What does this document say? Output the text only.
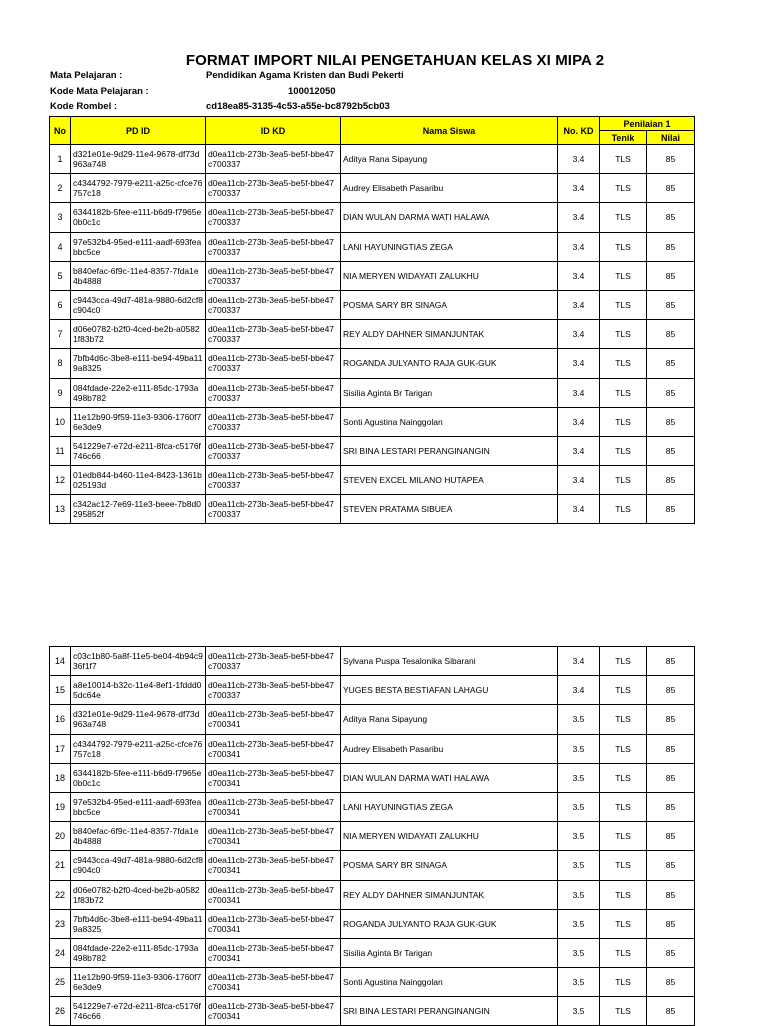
FORMAT IMPORT NILAI PENGETAHUAN KELAS XI MIPA 2
Mata Pelajaran :	Pendidikan Agama Kristen dan Budi Pekerti
Kode Mata Pelajaran :	100012050
Kode Rombel :	cd18ea85-3135-4c53-a55e-bc8792b5cb03
No	PD ID	ID KD	Nama Siswa	No. KD	Penilaian 1	
					Tenik	Nilai
1	d321e01e-9d29-11e4-9678-df73d963a748	d0ea11cb-273b-3ea5-be5f-bbe47c700337	Aditya Rana Sipayung	3.4	TLS	85
2	c4344792-7979-e211-a25c-cfce76757c18	d0ea11cb-273b-3ea5-be5f-bbe47c700337	Audrey Elisabeth Pasaribu	3.4	TLS	85
3	6344182b-5fee-e111-b6d9-f7965e0b0c1c	d0ea11cb-273b-3ea5-be5f-bbe47c700337	DIAN WULAN DARMA WATI HALAWA	3.4	TLS	85
4	97e532b4-95ed-e111-aadf-693feabbc5ce	d0ea11cb-273b-3ea5-be5f-bbe47c700337	LANI HAYUNINGTIAS ZEGA	3.4	TLS	85
5	b840efac-6f9c-11e4-8357-7fda1e4b4888	d0ea11cb-273b-3ea5-be5f-bbe47c700337	NIA MERYEN WIDAYATI ZALUKHU	3.4	TLS	85
6	c9443cca-49d7-481a-9880-6d2cf8c904c0	d0ea11cb-273b-3ea5-be5f-bbe47c700337	POSMA SARY BR SINAGA	3.4	TLS	85
7	d06e0782-b2f0-4ced-be2b-a05821f83b72	d0ea11cb-273b-3ea5-be5f-bbe47c700337	REY ALDY DAHNER SIMANJUNTAK	3.4	TLS	85
8	7bfb4d6c-3be8-e111-be94-49ba119a8325	d0ea11cb-273b-3ea5-be5f-bbe47c700337	ROGANDA JULYANTO RAJA GUK-GUK	3.4	TLS	85
9	084fdade-22e2-e111-85dc-1793a498b782	d0ea11cb-273b-3ea5-be5f-bbe47c700337	Sisilia Aginta Br Tarigan	3.4	TLS	85
10	11e12b90-9f59-11e3-9306-1760f76e3de9	d0ea11cb-273b-3ea5-be5f-bbe47c700337	Sonti Agustina Nainggolan	3.4	TLS	85
11	541229e7-e72d-e211-8fca-c5176f746c66	d0ea11cb-273b-3ea5-be5f-bbe47c700337	SRI BINA LESTARI PERANGINANGIN	3.4	TLS	85
12	01edb844-b460-11e4-8423-1361b025193d	d0ea11cb-273b-3ea5-be5f-bbe47c700337	STEVEN EXCEL MILANO HUTAPEA	3.4	TLS	85
13	c342ac12-7e69-11e3-beee-7b8d0295852f	d0ea11cb-273b-3ea5-be5f-bbe47c700337	STEVEN PRATAMA SIBUEA	3.4	TLS	85
14	c03c1b80-5a8f-11e5-be04-4b94c936f1f7	d0ea11cb-273b-3ea5-be5f-bbe47c700337	Sylvana Puspa Tesalonika Sibarani	3.4	TLS	85
15	a8e10014-b32c-11e4-8ef1-1fddd05dc64e	d0ea11cb-273b-3ea5-be5f-bbe47c700337	YUGES BESTA BESTIAFAN LAHAGU	3.4	TLS	85
16	d321e01e-9d29-11e4-9678-df73d963a748	d0ea11cb-273b-3ea5-be5f-bbe47c700341	Aditya Rana Sipayung	3.5	TLS	85
17	c4344792-7979-e211-a25c-cfce76757c18	d0ea11cb-273b-3ea5-be5f-bbe47c700341	Audrey Elisabeth Pasaribu	3.5	TLS	85
18	6344182b-5fee-e111-b6d9-f7965e0b0c1c	d0ea11cb-273b-3ea5-be5f-bbe47c700341	DIAN WULAN DARMA WATI HALAWA	3.5	TLS	85
19	97e532b4-95ed-e111-aadf-693feabbc5ce	d0ea11cb-273b-3ea5-be5f-bbe47c700341	LANI HAYUNINGTIAS ZEGA	3.5	TLS	85
20	b840efac-6f9c-11e4-8357-7fda1e4b4888	d0ea11cb-273b-3ea5-be5f-bbe47c700341	NIA MERYEN WIDAYATI ZALUKHU	3.5	TLS	85
21	c9443cca-49d7-481a-9880-6d2cf8c904c0	d0ea11cb-273b-3ea5-be5f-bbe47c700341	POSMA SARY BR SINAGA	3.5	TLS	85
22	d06e0782-b2f0-4ced-be2b-a05821f83b72	d0ea11cb-273b-3ea5-be5f-bbe47c700341	REY ALDY DAHNER SIMANJUNTAK	3.5	TLS	85
23	7bfb4d6c-3be8-e111-be94-49ba119a8325	d0ea11cb-273b-3ea5-be5f-bbe47c700341	ROGANDA JULYANTO RAJA GUK-GUK	3.5	TLS	85
24	084fdade-22e2-e111-85dc-1793a498b782	d0ea11cb-273b-3ea5-be5f-bbe47c700341	Sisilia Aginta Br Tarigan	3.5	TLS	85
25	11e12b90-9f59-11e3-9306-1760f76e3de9	d0ea11cb-273b-3ea5-be5f-bbe47c700341	Sonti Agustina Nainggolan	3.5	TLS	85
26	541229e7-e72d-e211-8fca-c5176f746c66	d0ea11cb-273b-3ea5-be5f-bbe47c700341	SRI BINA LESTARI PERANGINANGIN	3.5	TLS	85
